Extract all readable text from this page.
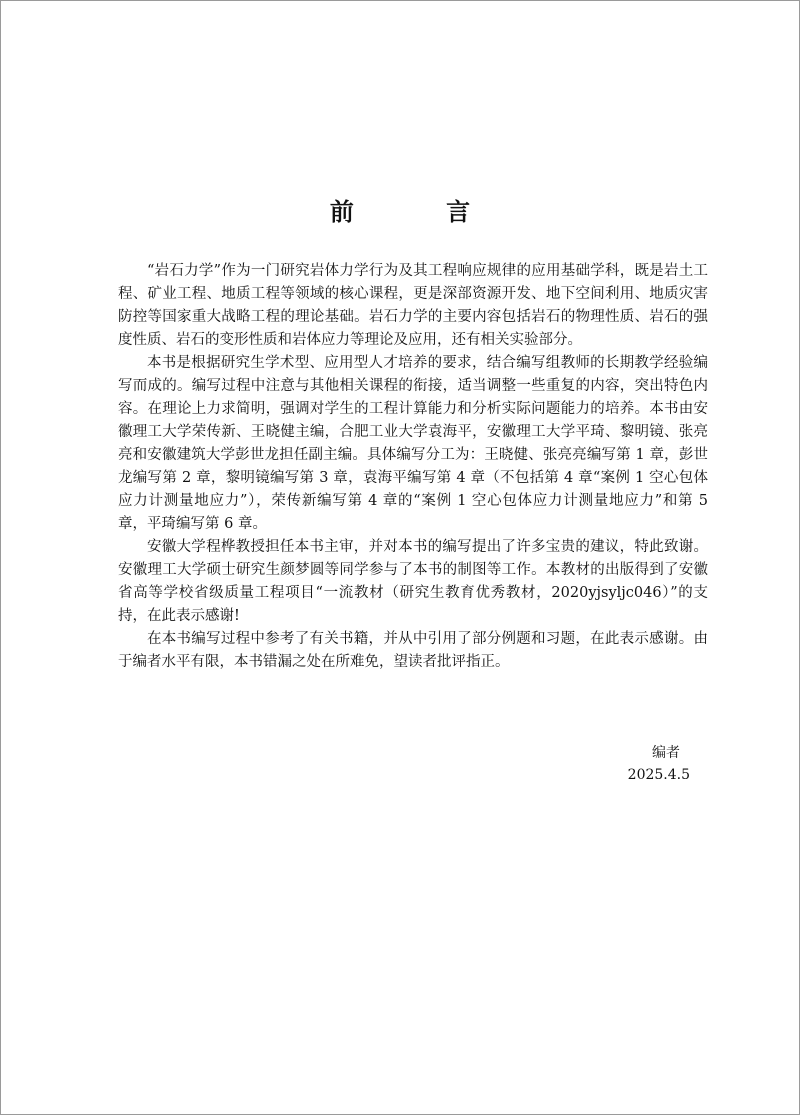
前 言

“岩石力学”作为一门研究岩体力学行为及其工程响应规律的应用基础学科，既是岩土工程、矿业工程、地质工程等领域的核心课程，更是深部资源开发、地下空间利用、地质灾害防控等国家重大战略工程的理论基础。岩石力学的主要内容包括岩石的物理性质、岩石的强度性质、岩石的变形性质和岩体应力等理论及应用，还有相关实验部分。

本书是根据研究生学术型、应用型人才培养的要求，结合编写组教师的长期教学经验编写而成的。编写过程中注意与其他相关课程的衔接，适当调整一些重复的内容，突出特色内容。在理论上力求简明，强调对学生的工程计算能力和分析实际问题能力的培养。本书由安徽理工大学荣传新、王晓健主编，合肥工业大学袁海平，安徽理工大学平琦、黎明镜、张亮亮和安徽建筑大学彭世龙担任副主编。具体编写分工为：王晓健、张亮亮编写第 1 章，彭世龙编写第 2 章，黎明镜编写第 3 章，袁海平编写第 4 章（不包括第 4 章“案例 1 空心包体应力计测量地应力”），荣传新编写第 4 章的“案例 1 空心包体应力计测量地应力”和第 5 章，平琦编写第 6 章。

安徽大学程桦教授担任本书主审，并对本书的编写提出了许多宝贵的建议，特此致谢。安徽理工大学硕士研究生颜梦圆等同学参与了本书的制图等工作。本教材的出版得到了安徽省高等学校省级质量工程项目“一流教材（研究生教育优秀教材，2020yjsyljc046）”的支持，在此表示感谢!

在本书编写过程中参考了有关书籍，并从中引用了部分例题和习题，在此表示感谢。由于编者水平有限，本书错漏之处在所难免，望读者批评指正。

编者
2025.4.5
